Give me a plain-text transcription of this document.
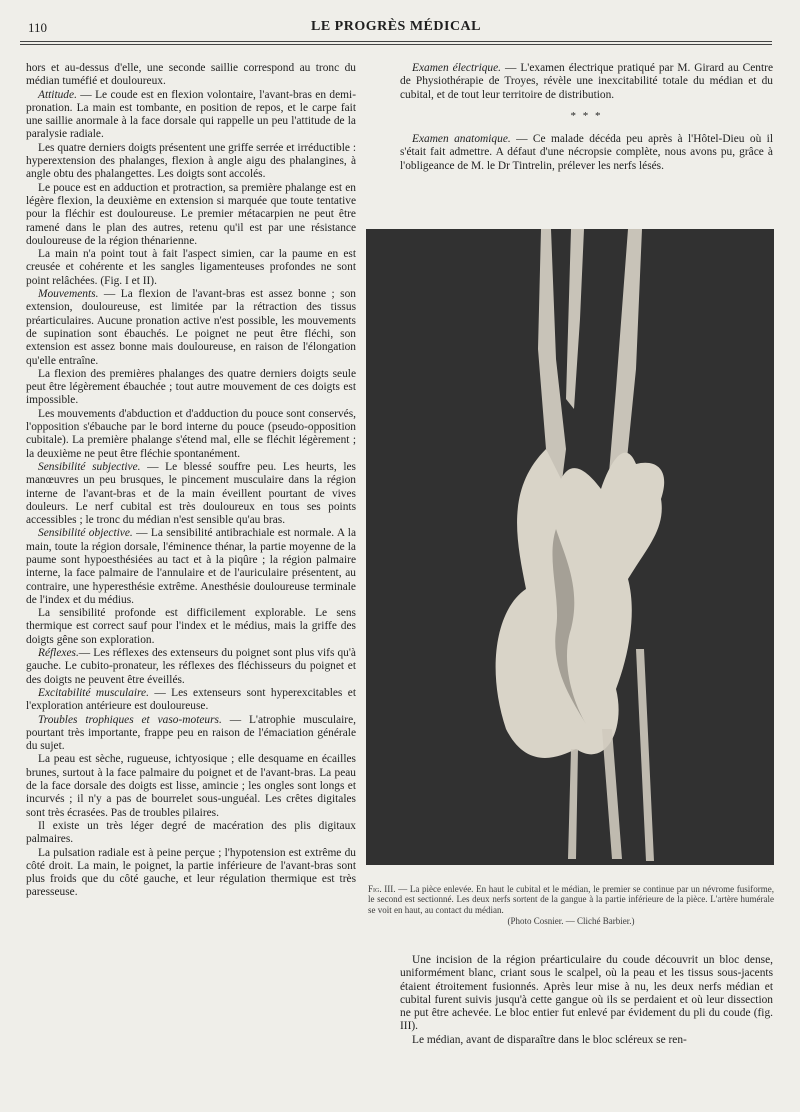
110	LE PROGRÈS MÉDICAL

hors et au-dessus d'elle, une seconde saillie correspond au tronc du médian tuméfié et douloureux.

Attitude. — Le coude est en flexion volontaire, l'avant-bras en demi-pronation. La main est tombante, en position de repos, et le carpe fait une saillie anormale à la face dorsale qui rappelle un peu l'attitude de la paralysie radiale.

Les quatre derniers doigts présentent une griffe serrée et irréductible : hyperextension des phalanges, flexion à angle aigu des phalangines, à angle obtu des phalangettes. Les doigts sont accolés.

Le pouce est en adduction et protraction, sa première phalange est en légère flexion, la deuxième en extension si marquée que toute tentative pour la fléchir est douloureuse. Le premier métacarpien ne peut être ramené dans le plan des autres, retenu qu'il est par une résistance douloureuse de la région thénarienne.

La main n'a point tout à fait l'aspect simien, car la paume en est creusée et cohérente et les sangles ligamenteuses profondes ne sont point relâchées. (Fig. I et II).

Mouvements. — La flexion de l'avant-bras est assez bonne ; son extension, douloureuse, est limitée par la rétraction des tissus préarticulaires. Aucune pronation active n'est possible, les mouvements de supination sont ébauchés. Le poignet ne peut être fléchi, son extension est assez bonne mais douloureuse, en raison de l'élongation qu'elle entraîne.

La flexion des premières phalanges des quatre derniers doigts seule peut être légèrement ébauchée ; tout autre mouvement de ces doigts est impossible.

Les mouvements d'abduction et d'adduction du pouce sont conservés, l'opposition s'ébauche par le bord interne du pouce (pseudo-opposition cubitale). La première phalange s'étend mal, elle se fléchit légèrement ; la deuxième ne peut être fléchie spontanément.

Sensibilité subjective. — Le blessé souffre peu. Les heurts, les manœuvres un peu brusques, le pincement musculaire dans la région interne de l'avant-bras et de la main éveillent pourtant de vives douleurs. Le nerf cubital est très douloureux en tous ses points accessibles ; le tronc du médian n'est sensible qu'au bras.

Sensibilité objective. — La sensibilité antibrachiale est normale. A la main, toute la région dorsale, l'éminence thénar, la partie moyenne de la paume sont hypoesthésiées au tact et à la piqûre ; la région palmaire interne, la face palmaire de l'annulaire et de l'auriculaire présentent, au contraire, une hyperesthésie extrême. Anesthésie douloureuse terminale de l'index et du médius.

La sensibilité profonde est difficilement explorable. Le sens thermique est correct sauf pour l'index et le médius, mais la griffe des doigts gêne son exploration.

Réflexes.— Les réflexes des extenseurs du poignet sont plus vifs qu'à gauche. Le cubito-pronateur, les réflexes des fléchisseurs du poignet et des doigts ne peuvent être éveillés.

Excitabilité musculaire. — Les extenseurs sont hyperexcitables et l'exploration antérieure est douloureuse.

Troubles trophiques et vaso-moteurs. — L'atrophie musculaire, pourtant très importante, frappe peu en raison de l'émaciation générale du sujet.

La peau est sèche, rugueuse, ichtyosique ; elle desquame en écailles brunes, surtout à la face palmaire du poignet et de l'avant-bras. La peau de la face dorsale des doigts est lisse, amincie ; les ongles sont longs et incurvés ; il n'y a pas de bourrelet sous-unguéal. Les crêtes digitales sont très écrasées. Pas de troubles pilaires.

Il existe un très léger degré de macération des plis digitaux palmaires.

La pulsation radiale est à peine perçue ; l'hypotension est extrême du côté droit. La main, le poignet, la partie inférieure de l'avant-bras sont plus froids que du côté gauche, et leur régulation thermique est très paresseuse.

Examen électrique. — L'examen électrique pratiqué par M. Girard au Centre de Physiothérapie de Troyes, révèle une inexcitabilité totale du médian et du cubital, et de tout leur territoire de distribution.

* * *

Examen anatomique. — Ce malade décéda peu après à l'Hôtel-Dieu où il s'était fait admettre. A défaut d'une nécropsie complète, nous avons pu, grâce à l'obligeance de M. le Dr Tintrelin, prélever les nerfs lésés.

Fig. III. — La pièce enlevée. En haut le cubital et le médian, le premier se continue par un névrome fusiforme, le second est sectionné. Les deux nerfs sortent de la gangue à la partie inférieure de la pièce. L'artère humérale se voit en haut, au contact du médian.
(Photo Cosnier. — Cliché Barbier.)

Une incision de la région préarticulaire du coude découvrit un bloc dense, uniformément blanc, criant sous le scalpel, où la peau et les tissus sous-jacents étaient étroitement fusionnés. Après leur mise à nu, les deux nerfs médian et cubital furent suivis jusqu'à cette gangue où ils se perdaient et où leur dissection ne put être achevée. Le bloc entier fut enlevé par évidement du pli du coude (fig. III).

Le médian, avant de disparaître dans le bloc scléreux se ren-
